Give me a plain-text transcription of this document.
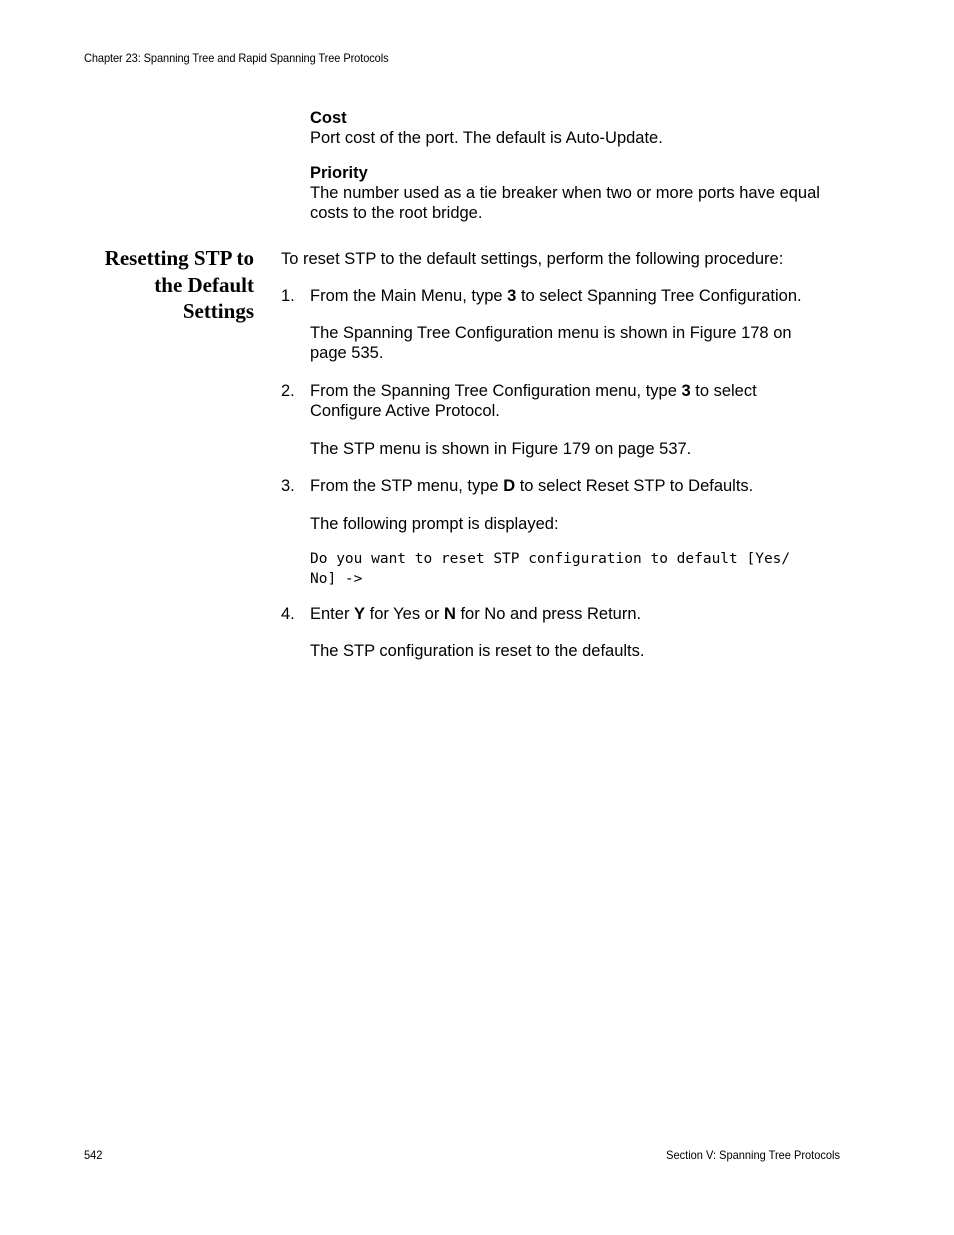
Chapter 23: Spanning Tree and Rapid Spanning Tree Protocols
Cost
Port cost of the port. The default is Auto-Update.
Priority
The number used as a tie breaker when two or more ports have equal costs to the root bridge.
Resetting STP to
the Default
Settings
To reset STP to the default settings, perform the following procedure:
1. From the Main Menu, type 3 to select Spanning Tree Configuration.
The Spanning Tree Configuration menu is shown in Figure 178 on page 535.
2. From the Spanning Tree Configuration menu, type 3 to select Configure Active Protocol.
The STP menu is shown in Figure 179 on page 537.
3. From the STP menu, type D to select Reset STP to Defaults.
The following prompt is displayed:
Do you want to reset STP configuration to default [Yes/
No] ->
4. Enter Y for Yes or N for No and press Return.
The STP configuration is reset to the defaults.
542	Section V: Spanning Tree Protocols
